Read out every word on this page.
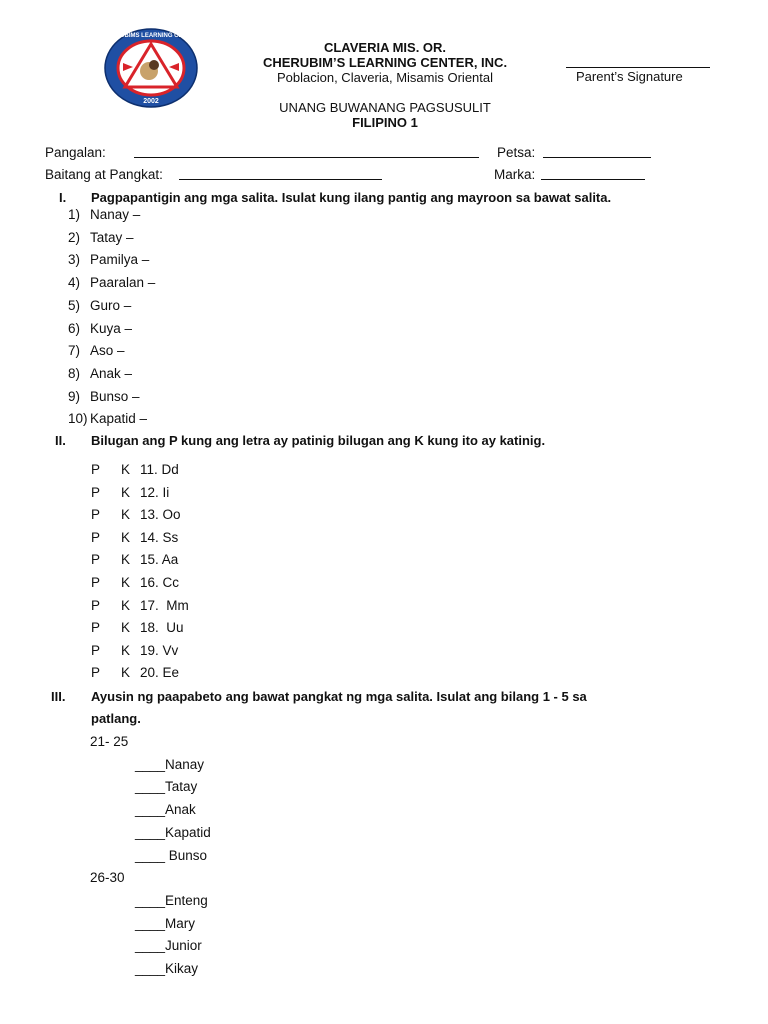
CHERUBIMS LEARNING CENTER
2002
CLAVERIA MIS. OR.
CHERUBIM’S LEARNING CENTER, INC.
Poblacion, Claveria, Misamis Oriental
UNANG BUWANANG PAGSUSULIT
FILIPINO 1
Parent’s Signature
Pangalan:	Petsa:
Baitang at Pangkat:	Marka:
I. Pagpapantigin ang mga salita. Isulat kung ilang pantig ang mayroon sa bawat salita.
1) Nanay –
2) Tatay –
3) Pamilya –
4) Paaralan –
5) Guro –
6) Kuya –
7) Aso –
8) Anak –
9) Bunso –
10) Kapatid –
II. Bilugan ang P kung ang letra ay patinig bilugan ang K kung ito ay katinig.
P K 11. Dd
P K 12. Ii
P K 13. Oo
P K 14. Ss
P K 15. Aa
P K 16. Cc
P K 17.  Mm
P K 18.  Uu
P K 19. Vv
P K 20. Ee
III. Ayusin ng paapabeto ang bawat pangkat ng mga salita. Isulat ang bilang 1 - 5 sa
patlang.
21- 25
____Nanay
____Tatay
____Anak
____Kapatid
____ Bunso
26-30
____Enteng
____Mary
____Junior
____Kikay
